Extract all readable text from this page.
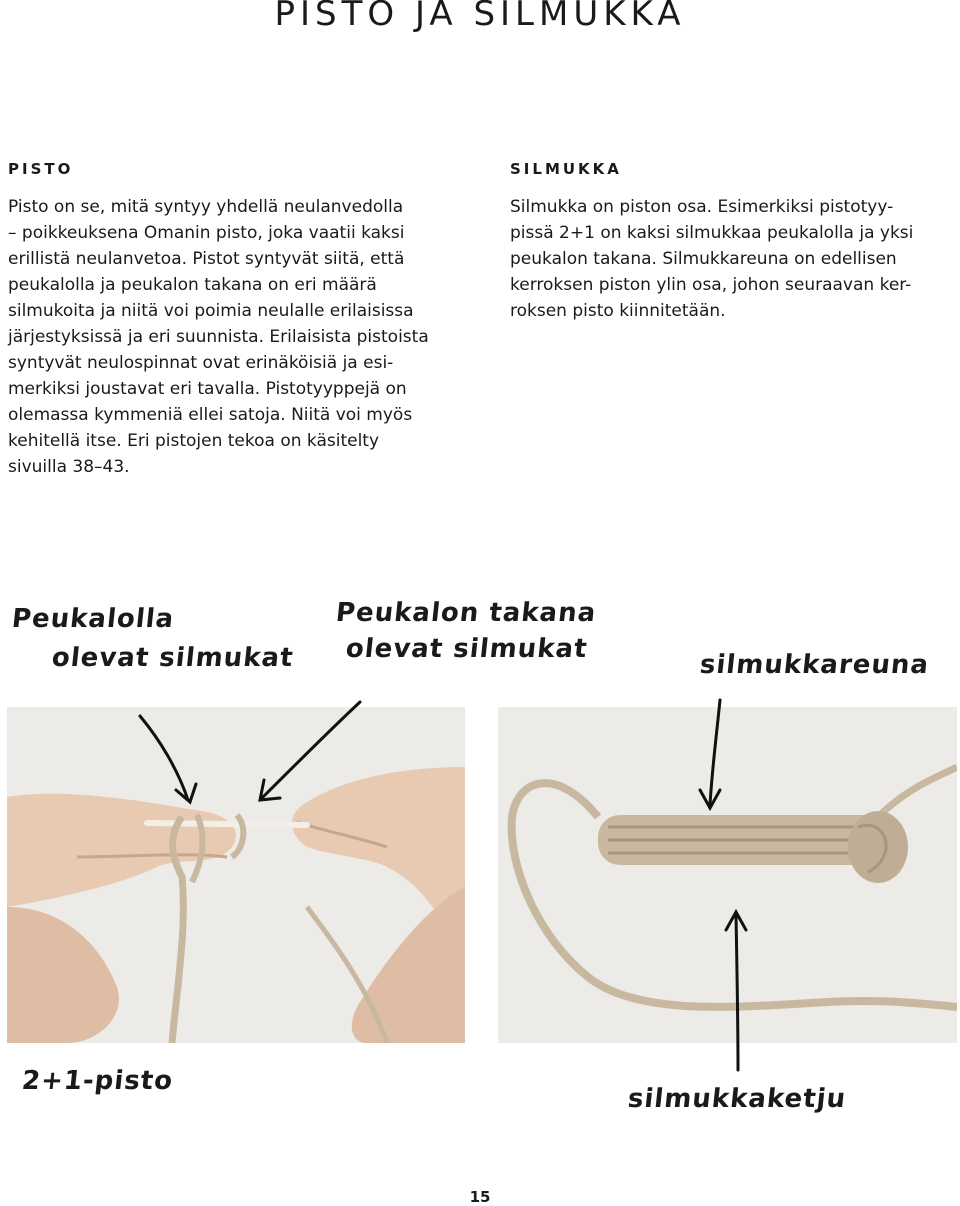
PISTO JA SILMUKKA
PISTO

Pisto on se, mitä syntyy yhdellä neulanvedolla
– poikkeuksena Omanin pisto, joka vaatii kaksi
erillistä neulanvetoa. Pistot syntyvät siitä, että
peukalolla ja peukalon takana on eri määrä
silmukoita ja niitä voi poimia neulalle erilaisissa
järjestyksissä ja eri suunnista. Erilaisista pistoista
syntyvät neulospinnat ovat erinäköisiä ja esi-
merkiksi joustavat eri tavalla. Pistotyyppejä on
olemassa kymmeniä ellei satoja. Niitä voi myös
kehitellä itse. Eri pistojen tekoa on käsitelty
sivuilla 38–43.

SILMUKKA

Silmukka on piston osa. Esimerkiksi pistotyy-
pissä 2+1 on kaksi silmukkaa peukalolla ja yksi
peukalon takana. Silmukkareuna on edellisen
kerroksen piston ylin osa, johon seuraavan ker-
roksen pisto kiinnitetään.

Peukalolla
olevat silmukat
Peukalon takana
olevat silmukat
silmukkareuna
2+1-pisto
silmukkaketju
15
